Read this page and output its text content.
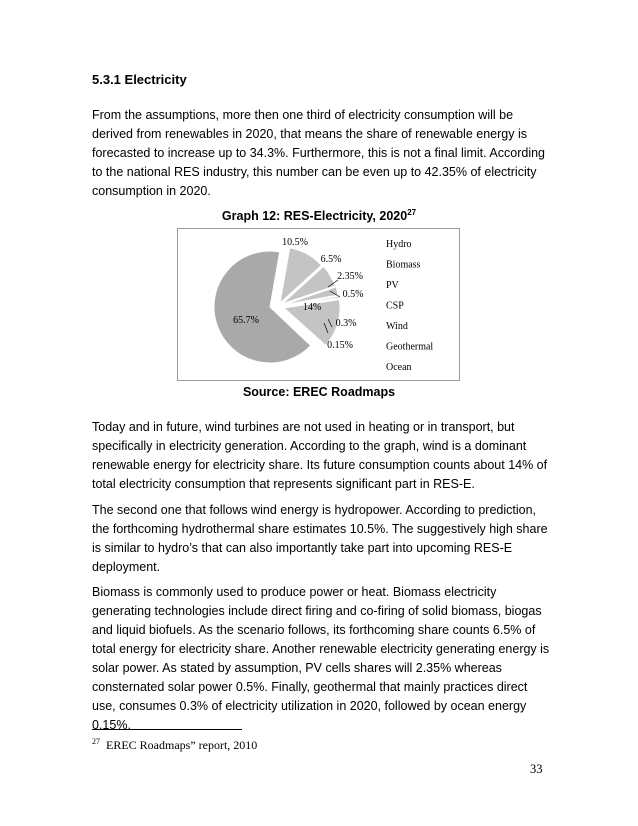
5.3.1 Electricity
From the assumptions, more then one third of electricity consumption will be derived from renewables in 2020, that means the share of renewable energy is forecasted to increase up to 34.3%. Furthermore, this is not a final limit. According to the national RES industry, this number can be even up to 42.35% of electricity consumption in 2020.
Graph 12: RES-Electricity, 2020$^{27}$
10.5%
6.5%
2.35%
0.5%
14%
0.3%
0.15%
65.7%
Hydro
Biomass
PV
CSP
Wind
Geothermal
Ocean
Source: EREC Roadmaps
Today and in future, wind turbines are not used in heating or in transport, but specifically in electricity generation. According to the graph, wind is a dominant renewable energy for electricity share. Its future consumption counts about 14% of total electricity consumption that represents significant part in RES-E.
The second one that follows wind energy is hydropower. According to prediction, the forthcoming hydrothermal share estimates 10.5%. The suggestively high share is similar to hydro’s that can also importantly take part into upcoming RES-E deployment.
Biomass is commonly used to produce power or heat. Biomass electricity generating technologies include direct firing and co-firing of solid biomass, biogas and liquid biofuels. As the scenario follows, its forthcoming share counts 6.5% of total energy for electricity share. Another renewable electricity generating energy is solar power. As stated by assumption, PV cells shares will 2.35% whereas consternated solar power 0.5%. Finally, geothermal that mainly practices direct use, consumes 0.3% of electricity utilization in 2020, followed by ocean energy 0.15%.
$^{27}$ EREC Roadmaps” report, 2010
33
